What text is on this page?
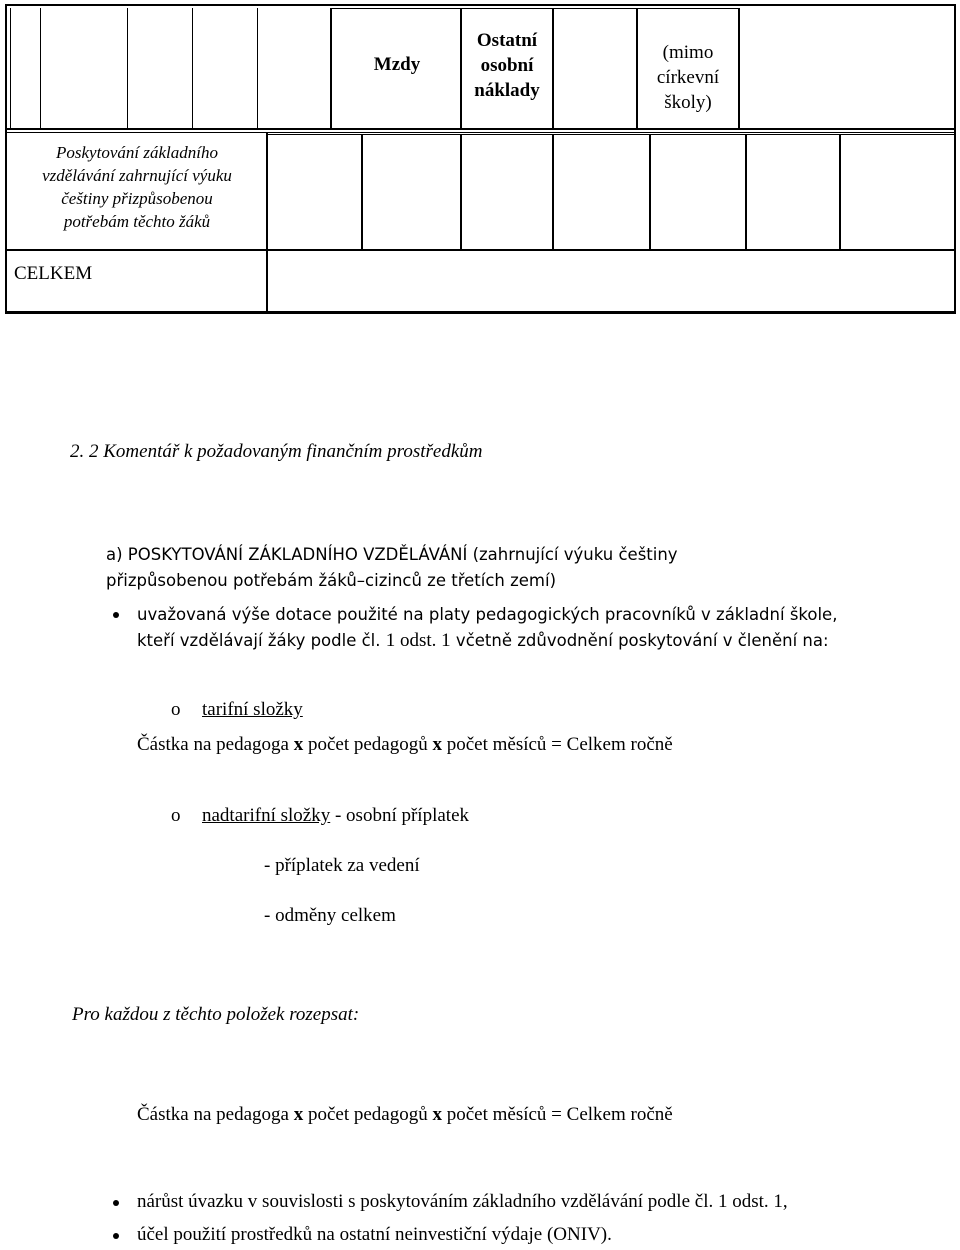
Mzdy
Ostatní
osobní
náklady
(mimo
církevní
školy)
Poskytování základního
vzdělávání zahrnující výuku
češtiny přizpůsobenou
potřebám těchto žáků
CELKEM
2. 2 Komentář k požadovaným finančním prostředkům
a) POSKYTOVÁNÍ ZÁKLADNÍHO VZDĚLÁVÁNÍ (zahrnující výuku češtiny
přizpůsobenou potřebám žáků–cizinců ze třetích zemí)
uvažovaná výše dotace použité na platy pedagogických pracovníků v základní škole,
kteří vzdělávají žáky podle čl. 1 odst. 1 včetně zdůvodnění poskytování v členění na:
o tarifní složky
Částka na pedagoga x počet pedagogů x počet měsíců = Celkem ročně
o nadtarifní složky - osobní příplatek
- příplatek za vedení
- odměny celkem
Pro každou z těchto položek rozepsat:
Částka na pedagoga x počet pedagogů x počet měsíců = Celkem ročně
nárůst úvazku v souvislosti s poskytováním základního vzdělávání podle čl. 1 odst. 1,
účel použití prostředků na ostatní neinvestiční výdaje (ONIV).
